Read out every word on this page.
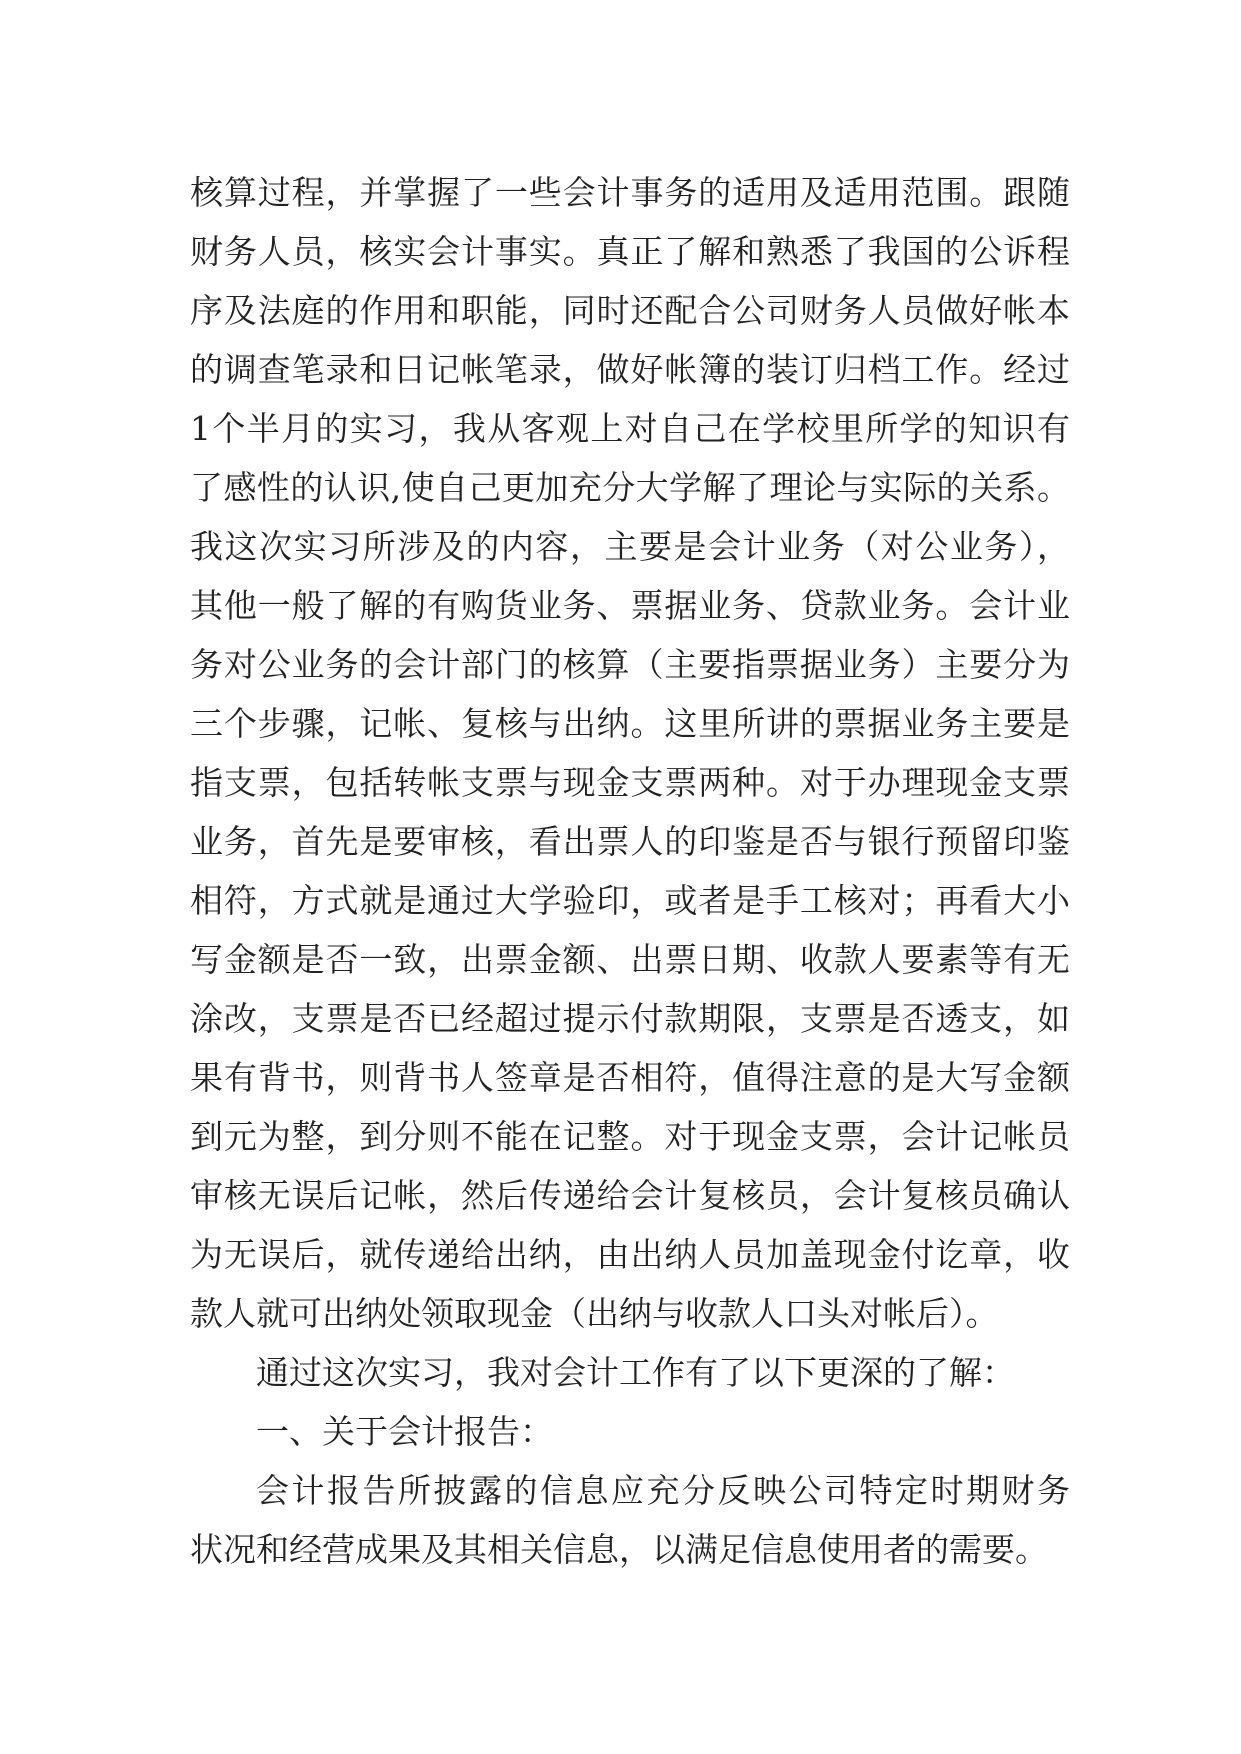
核算过程，并掌握了一些会计事务的适用及适用范围。跟随
财务人员，核实会计事实。真正了解和熟悉了我国的公诉程
序及法庭的作用和职能，同时还配合公司财务人员做好帐本
的调查笔录和日记帐笔录，做好帐簿的装订归档工作。经过
1个半月的实习，我从客观上对自己在学校里所学的知识有
了感性的认识,使自己更加充分大学解了理论与实际的关系。
我这次实习所涉及的内容，主要是会计业务（对公业务），
其他一般了解的有购货业务、票据业务、贷款业务。会计业
务对公业务的会计部门的核算（主要指票据业务）主要分为
三个步骤，记帐、复核与出纳。这里所讲的票据业务主要是
指支票，包括转帐支票与现金支票两种。对于办理现金支票
业务，首先是要审核，看出票人的印鉴是否与银行预留印鉴
相符，方式就是通过大学验印，或者是手工核对；再看大小
写金额是否一致，出票金额、出票日期、收款人要素等有无
涂改，支票是否已经超过提示付款期限，支票是否透支，如
果有背书，则背书人签章是否相符，值得注意的是大写金额
到元为整，到分则不能在记整。对于现金支票，会计记帐员
审核无误后记帐，然后传递给会计复核员，会计复核员确认
为无误后，就传递给出纳，由出纳人员加盖现金付讫章，收
款人就可出纳处领取现金（出纳与收款人口头对帐后）。
通过这次实习，我对会计工作有了以下更深的了解：
一、关于会计报告：
会计报告所披露的信息应充分反映公司特定时期财务
状况和经营成果及其相关信息，以满足信息使用者的需要。
